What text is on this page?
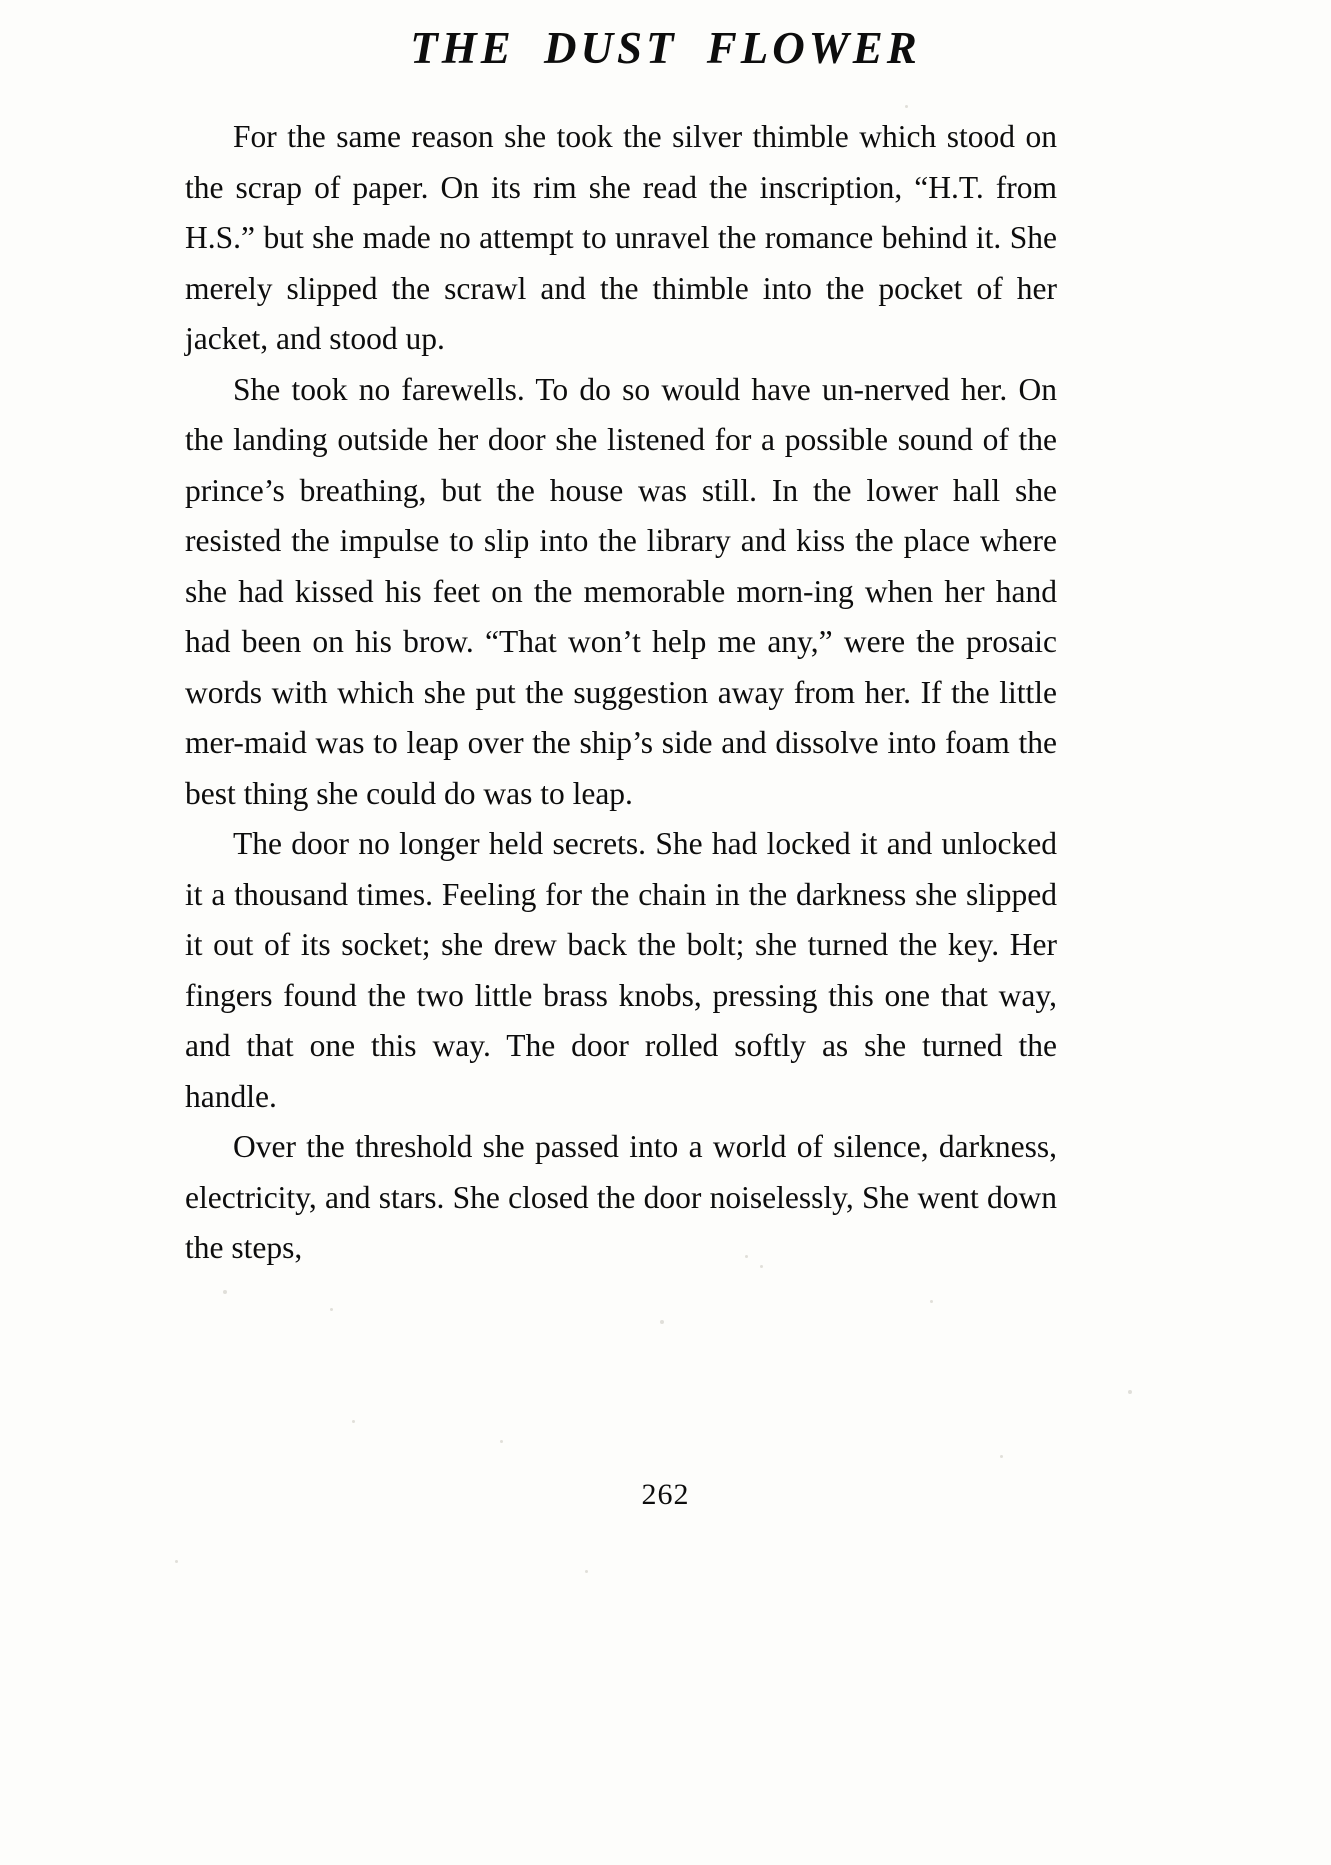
THE DUST FLOWER

For the same reason she took the silver thimble which stood on the scrap of paper. On its rim she read the inscription, “H.T. from H.S.” but she made no attempt to unravel the romance behind it. She merely slipped the scrawl and the thimble into the pocket of her jacket, and stood up.

She took no farewells. To do so would have un-nerved her. On the landing outside her door she listened for a possible sound of the prince’s breathing, but the house was still. In the lower hall she resisted the impulse to slip into the library and kiss the place where she had kissed his feet on the memorable morn-ing when her hand had been on his brow. “That won’t help me any,” were the prosaic words with which she put the suggestion away from her. If the little mer-maid was to leap over the ship’s side and dissolve into foam the best thing she could do was to leap.

The door no longer held secrets. She had locked it and unlocked it a thousand times. Feeling for the chain in the darkness she slipped it out of its socket; she drew back the bolt; she turned the key. Her fingers found the two little brass knobs, pressing this one that way, and that one this way. The door rolled softly as she turned the handle.

Over the threshold she passed into a world of silence, darkness, electricity, and stars. She closed the door noiselessly, She went down the steps,

262
